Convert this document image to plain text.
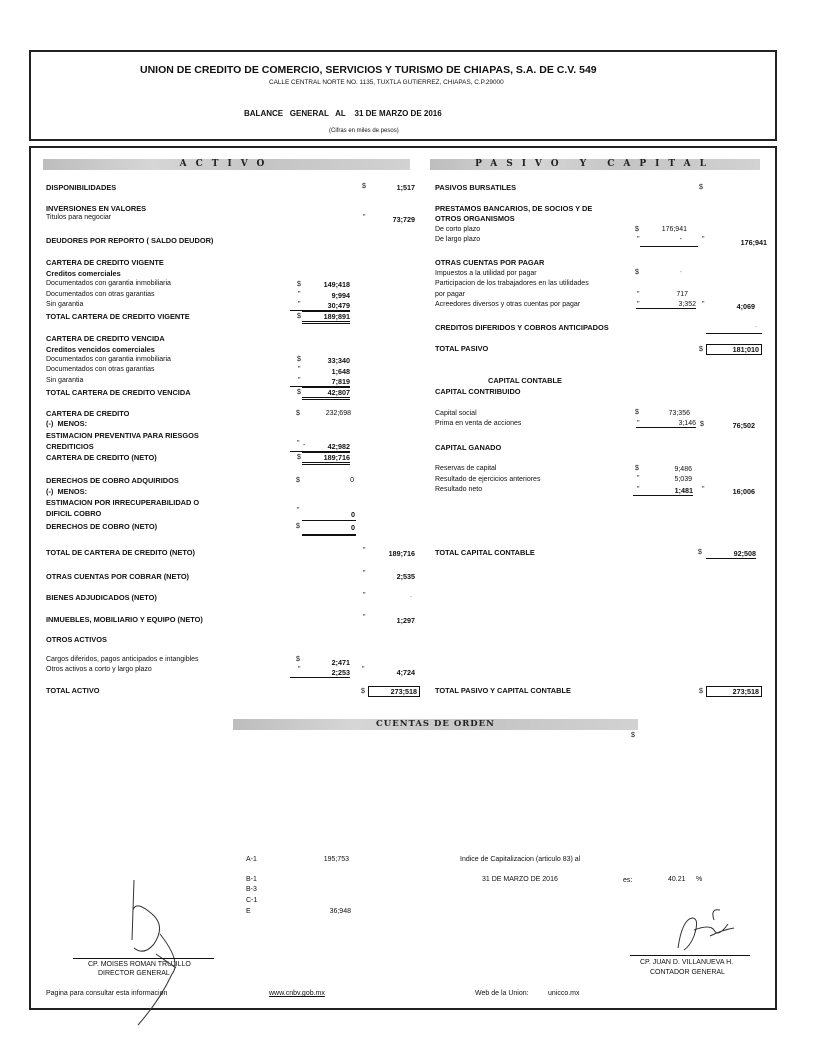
UNION DE CREDITO DE COMERCIO, SERVICIOS Y TURISMO DE CHIAPAS, S.A. DE C.V. 549
CALLE CENTRAL NORTE NO. 1135, TUXTLA GUTIERREZ, CHIAPAS, C.P.29000
BALANCE   GENERAL   AL    31 DE MARZO DE 2016
(Cifras en miles de pesos)
ACTIVO	PASIVO Y CAPITAL
DISPONIBILIDADES	$	1;517
INVERSIONES EN VALORES
Titulos para negociar	"	73;729
DEUDORES POR REPORTO ( SALDO DEUDOR)
CARTERA DE CREDITO VIGENTE
Creditos comerciales
Documentados con garantia inmobiliaria	$	149;418
Documentados con otras garantias	"	9;994
Sin garantia	"	30;479
TOTAL CARTERA DE CREDITO VIGENTE	$	189;891
CARTERA DE CREDITO VENCIDA
Creditos vencidos comerciales
Documentados con garantia inmobiliaria	$	33;340
Documentados con otras garantias	"	1;648
Sin garantia	"	7;819
TOTAL CARTERA DE CREDITO VENCIDA	$	42;807
CARTERA DE CREDITO	$	232;698
(-)  MENOS:
ESTIMACION PREVENTIVA PARA RIESGOS
CREDITICIOS	" -	42;982
CARTERA DE CREDITO (NETO)	$	189;716
DERECHOS DE COBRO ADQUIRIDOS	$	0
(-)  MENOS:
ESTIMACION POR IRRECUPERABILIDAD O
DIFICIL COBRO	"	0
DERECHOS DE COBRO (NETO)	$	0
TOTAL DE CARTERA DE CREDITO (NETO)	"	189;716
OTRAS CUENTAS POR COBRAR (NETO)	"	2;535
BIENES ADJUDICADOS (NETO)	"	-
INMUEBLES, MOBILIARIO Y EQUIPO (NETO)	"	1;297
OTROS ACTIVOS
Cargos diferidos, pagos anticipados e intangibles	$	2;471
Otros activos a corto y largo plazo	"	2;253 "	4;724
TOTAL ACTIVO	$	273;518
PASIVOS BURSATILES	$
PRESTAMOS BANCARIOS, DE SOCIOS Y DE
OTROS ORGANISMOS
De corto plazo	$	176;941
De largo plazo	"	-	"	176;941
OTRAS CUENTAS POR PAGAR
Impuestos a la utilidad por pagar	$	-
Participacion de los trabajadores en las utilidades
por pagar	"	717
Acreedores diversos y otras cuentas por pagar	"	3;352 "	4;069
CREDITOS DIFERIDOS Y COBROS ANTICIPADOS	-
TOTAL PASIVO	$	181;010
CAPITAL CONTABLE
CAPITAL CONTRIBUIDO
Capital social	$	73;356
Prima en venta de acciones	"	3;146 $	76;502
CAPITAL GANADO
Reservas de capital	$	9;486
Resultado de ejercicios anteriores	"	5;039
Resultado neto	"	1;481 "	16;006
TOTAL CAPITAL CONTABLE	$	92;508
TOTAL PASIVO Y CAPITAL CONTABLE	$	273;518
CUENTAS DE ORDEN
$
A-1	195;753
B-1
B-3
C-1
E	36;948
Indice de Capitalizacion (articulo 83) al
31 DE MARZO DE 2016	es:	40.21 %
CP. MOISES ROMAN TRUJILLO
DIRECTOR GENERAL
CP. JUAN D. VILLANUEVA H.
CONTADOR GENERAL
Pagina para consultar esta informacion	www.cnbv.gob.mx	Web de la Union:	unicco.mx
